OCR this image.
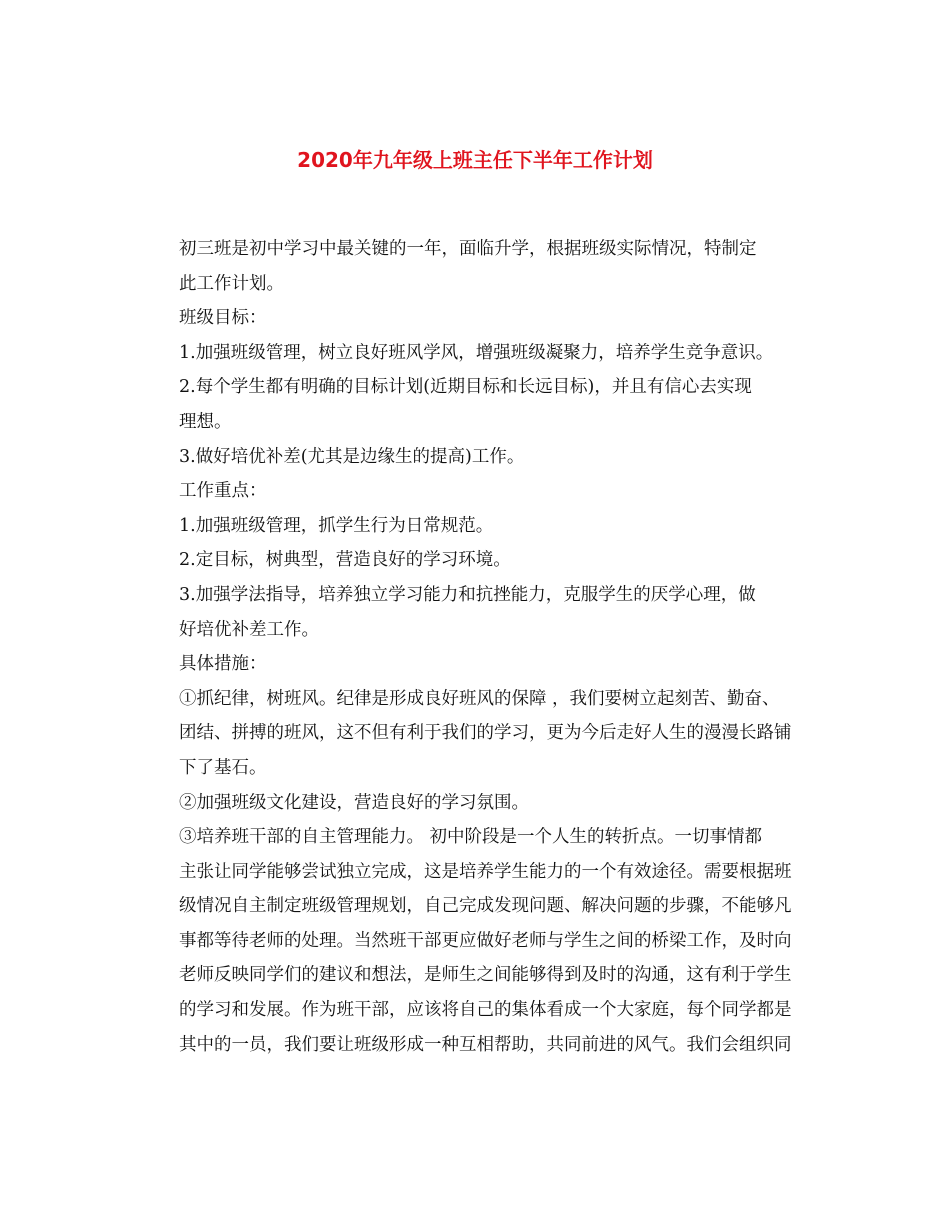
2020年九年级上班主任下半年工作计划

初三班是初中学习中最关键的一年，面临升学，根据班级实际情况，特制定
此工作计划。

班级目标：

1.加强班级管理，树立良好班风学风，增强班级凝聚力，培养学生竞争意识。

2.每个学生都有明确的目标计划(近期目标和长远目标)，并且有信心去实现
理想。

3.做好培优补差(尤其是边缘生的提高)工作。

工作重点：

1.加强班级管理，抓学生行为日常规范。

2.定目标，树典型，营造良好的学习环境。

3.加强学法指导，培养独立学习能力和抗挫能力，克服学生的厌学心理，做
好培优补差工作。

具体措施：

①抓纪律，树班风。纪律是形成良好班风的保障 ，我们要树立起刻苦、勤奋、
团结、拼搏的班风，这不但有利于我们的学习，更为今后走好人生的漫漫长路铺
下了基石。

②加强班级文化建设，营造良好的学习氛围。

③培养班干部的自主管理能力。 初中阶段是一个人生的转折点。一切事情都
主张让同学能够尝试独立完成，这是培养学生能力的一个有效途径。需要根据班
级情况自主制定班级管理规划，自己完成发现问题、解决问题的步骤，不能够凡
事都等待老师的处理。当然班干部更应做好老师与学生之间的桥梁工作，及时向
老师反映同学们的建议和想法，是师生之间能够得到及时的沟通，这有利于学生
的学习和发展。作为班干部，应该将自己的集体看成一个大家庭，每个同学都是
其中的一员，我们要让班级形成一种互相帮助，共同前进的风气。我们会组织同
